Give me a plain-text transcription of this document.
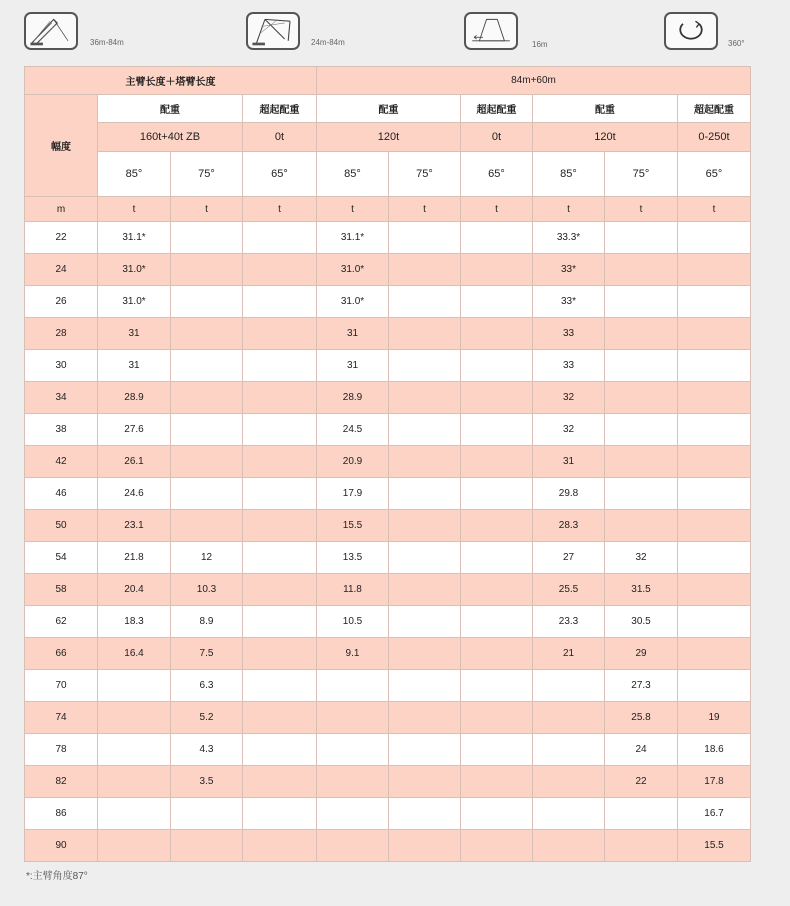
36m-84m	24m-84m	16m	360°
主臂长度＋塔臂长度				84m+60m					
幅度	配重		超起配重	配重		超起配重	配重		超起配重
	160t+40t ZB		0t	120t		0t	120t		0-250t
	85°	75°	65°	85°	75°	65°	85°	75°	65°
m	t	t	t	t	t	t	t	t	t
22	31.1*			31.1*			33.3*		
24	31.0*			31.0*			33*		
26	31.0*			31.0*			33*		
28	31			31			33		
30	31			31			33		
34	28.9			28.9			32		
38	27.6			24.5			32		
42	26.1			20.9			31		
46	24.6			17.9			29.8		
50	23.1			15.5			28.3		
54	21.8	12		13.5			27	32	
58	20.4	10.3		11.8			25.5	31.5	
62	18.3	8.9		10.5			23.3	30.5	
66	16.4	7.5		9.1			21	29	
70		6.3						27.3	
74		5.2						25.8	19
78		4.3						24	18.6
82		3.5						22	17.8
86									16.7
90									15.5
*:主臂角度87°
